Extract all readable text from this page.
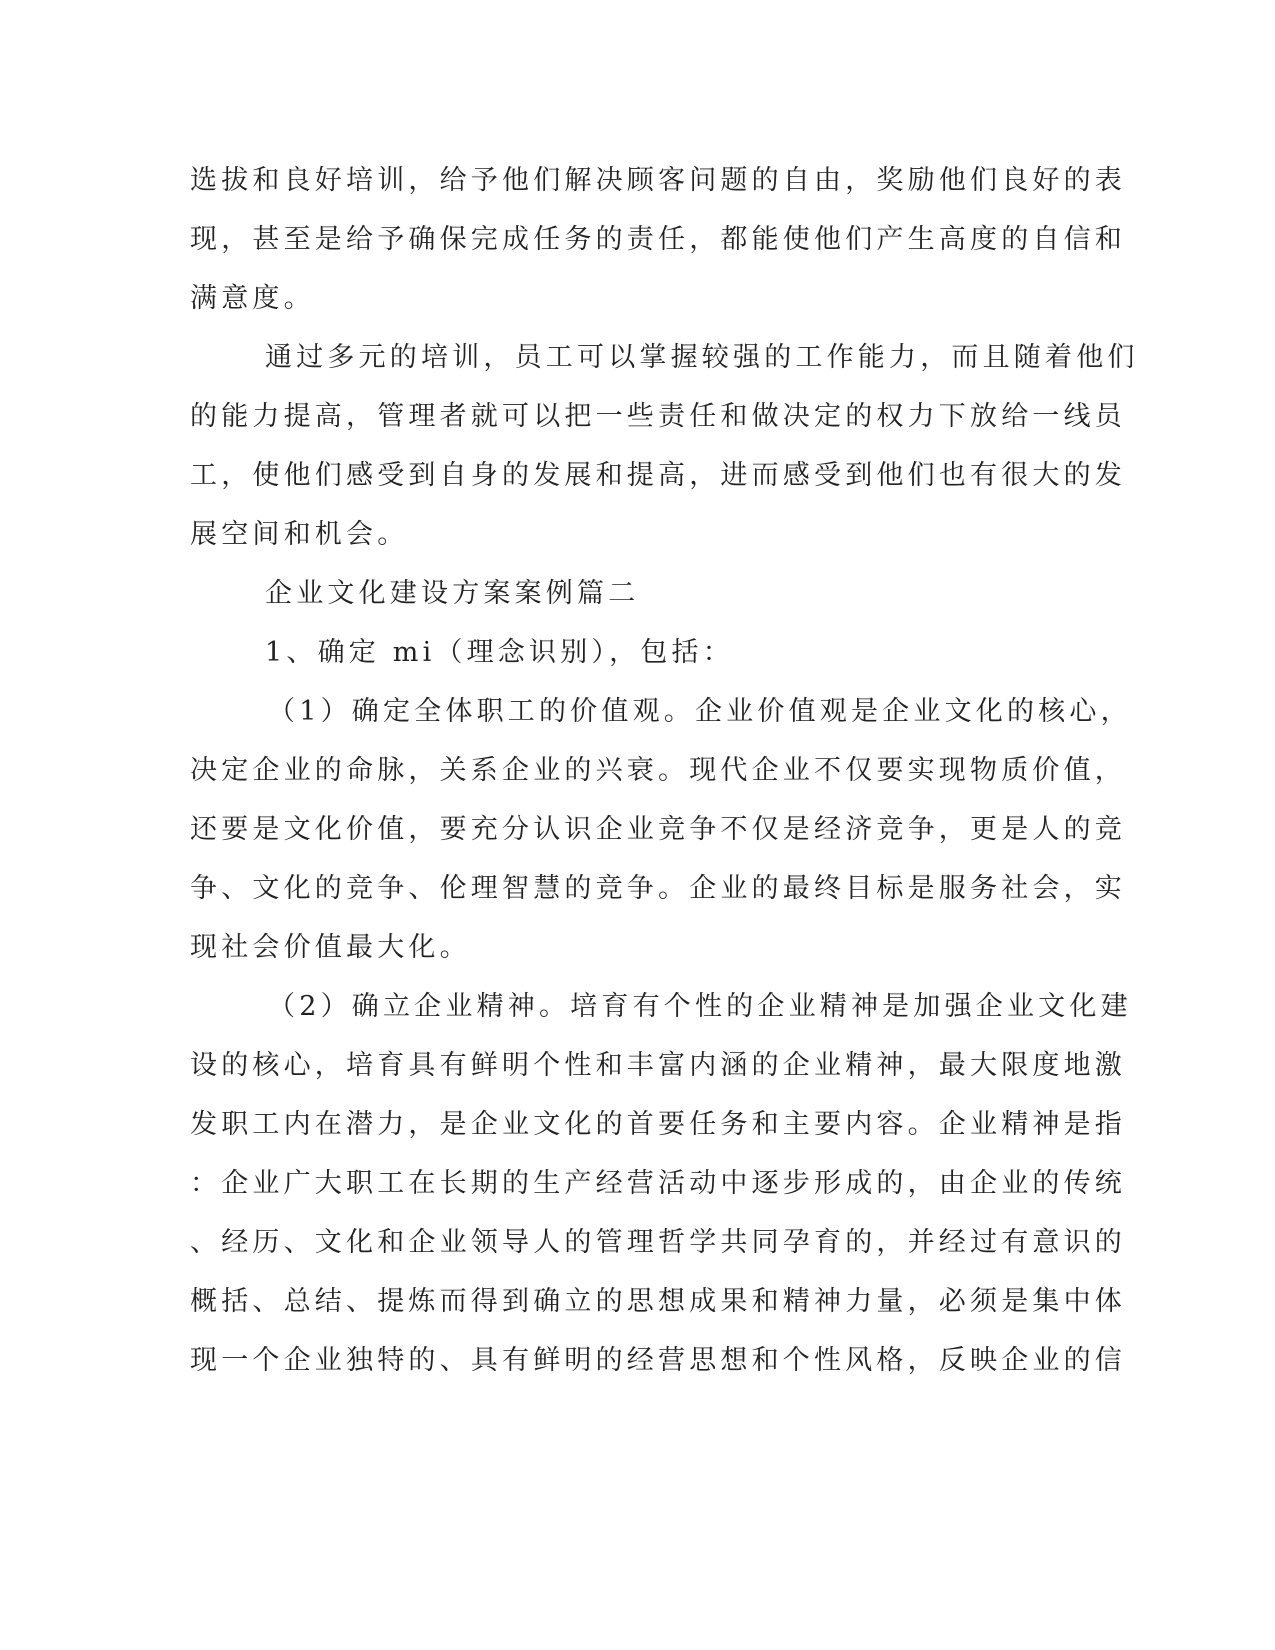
选拔和良好培训，给予他们解决顾客问题的自由，奖励他们良好的表
现，甚至是给予确保完成任务的责任，都能使他们产生高度的自信和
满意度。
通过多元的培训，员工可以掌握较强的工作能力，而且随着他们
的能力提高，管理者就可以把一些责任和做决定的权力下放给一线员
工，使他们感受到自身的发展和提高，进而感受到他们也有很大的发
展空间和机会。
企业文化建设方案案例篇二
1、确定 mi（理念识别），包括：
（1）确定全体职工的价值观。企业价值观是企业文化的核心，
决定企业的命脉，关系企业的兴衰。现代企业不仅要实现物质价值，
还要是文化价值，要充分认识企业竞争不仅是经济竞争，更是人的竞
争、文化的竞争、伦理智慧的竞争。企业的最终目标是服务社会，实
现社会价值最大化。
（2）确立企业精神。培育有个性的企业精神是加强企业文化建
设的核心，培育具有鲜明个性和丰富内涵的企业精神，最大限度地激
发职工内在潜力，是企业文化的首要任务和主要内容。企业精神是指
：企业广大职工在长期的生产经营活动中逐步形成的，由企业的传统
、经历、文化和企业领导人的管理哲学共同孕育的，并经过有意识的
概括、总结、提炼而得到确立的思想成果和精神力量，必须是集中体
现一个企业独特的、具有鲜明的经营思想和个性风格，反映企业的信
